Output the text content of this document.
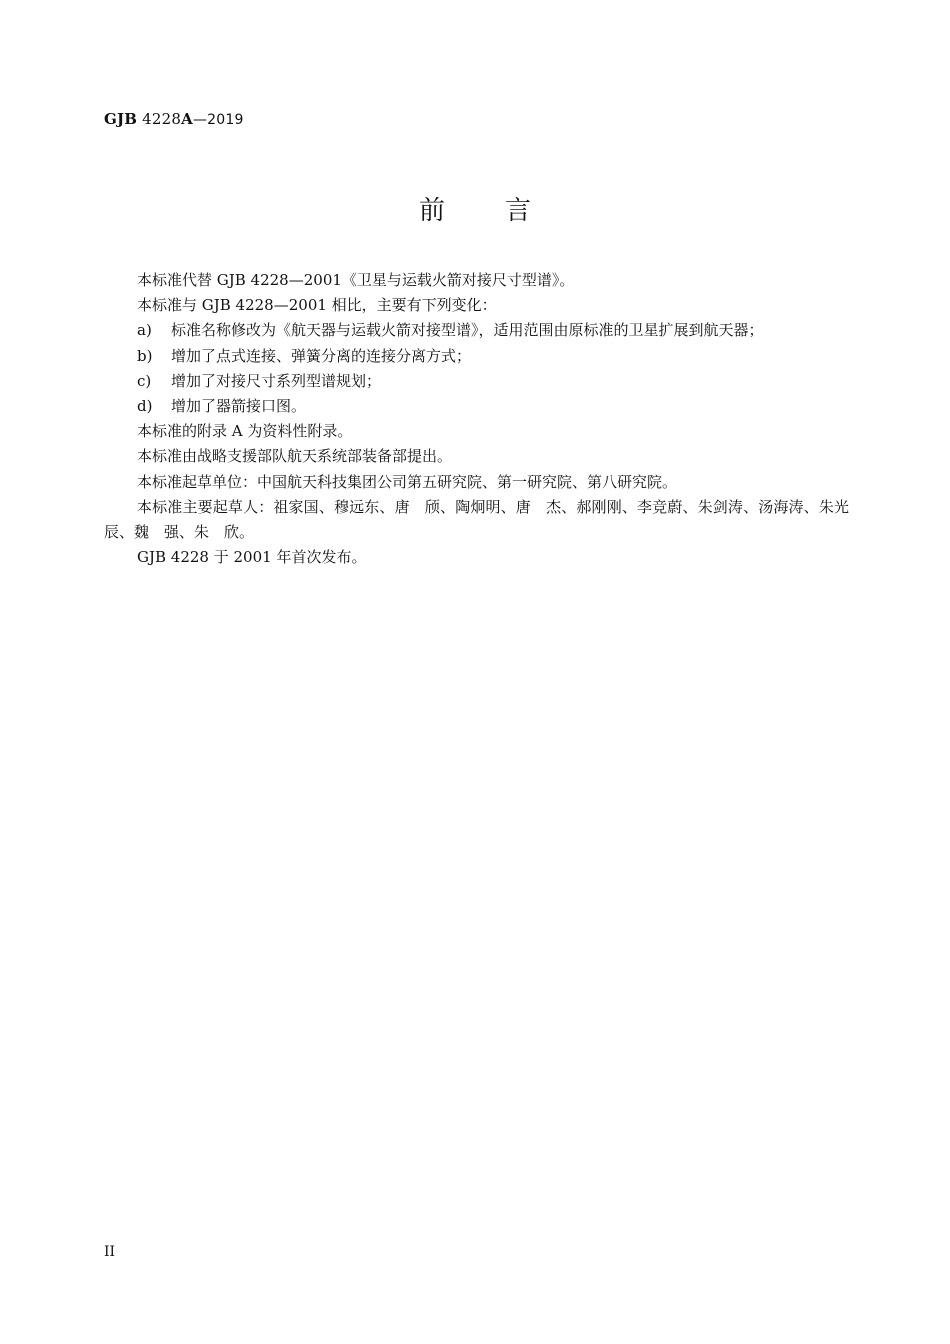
GJB 4228A—2019
前言

本标准代替 GJB 4228—2001《卫星与运载火箭对接尺寸型谱》。

本标准与 GJB 4228—2001 相比，主要有下列变化：

a) 标准名称修改为《航天器与运载火箭对接型谱》，适用范围由原标准的卫星扩展到航天器；

b) 增加了点式连接、弹簧分离的连接分离方式；

c) 增加了对接尺寸系列型谱规划；

d) 增加了器箭接口图。

本标准的附录 A 为资料性附录。

本标准由战略支援部队航天系统部装备部提出。

本标准起草单位：中国航天科技集团公司第五研究院、第一研究院、第八研究院。

本标准主要起草人：祖家国、穆远东、唐　颀、陶炯明、唐　杰、郝刚刚、李竞蔚、朱剑涛、汤海涛、朱光辰、魏　强、朱　欣。

GJB 4228 于 2001 年首次发布。

II
